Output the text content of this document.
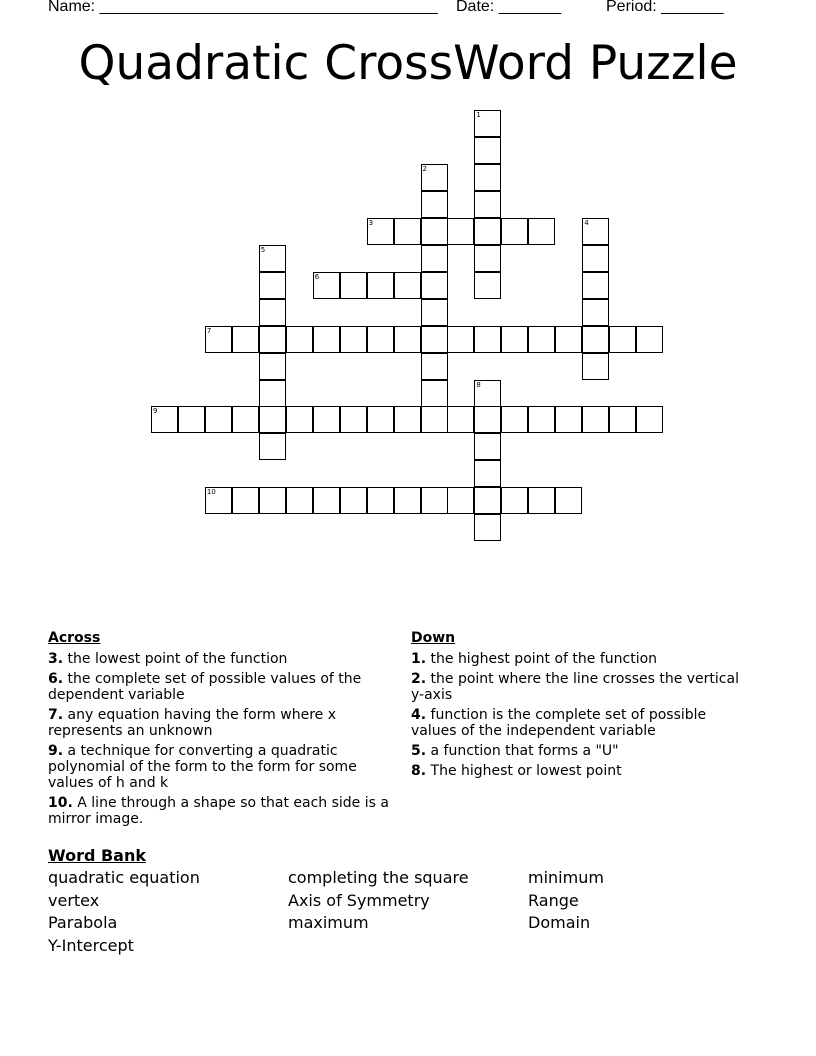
Name: ______________________________________ Date: _______	Period: _______
Quadratic CrossWord Puzzle
1
2
3	4
5
6
7
8
9
10
Across
3. the lowest point of the function
6. the complete set of possible values of the dependent variable
7. any equation having the form where x represents an unknown
9. a technique for converting a quadratic polynomial of the form to the form for some values of h and k
10. A line through a shape so that each side is a mirror image.
Down
1. the highest point of the function
2. the point where the line crosses the vertical y-axis
4. function is the complete set of possible values of the independent variable
5. a function that forms a "U"
8. The highest or lowest point
Word Bank
quadratic equation	completing the square	minimum
vertex	Axis of Symmetry	Range
Parabola	maximum	Domain
Y-Intercept
